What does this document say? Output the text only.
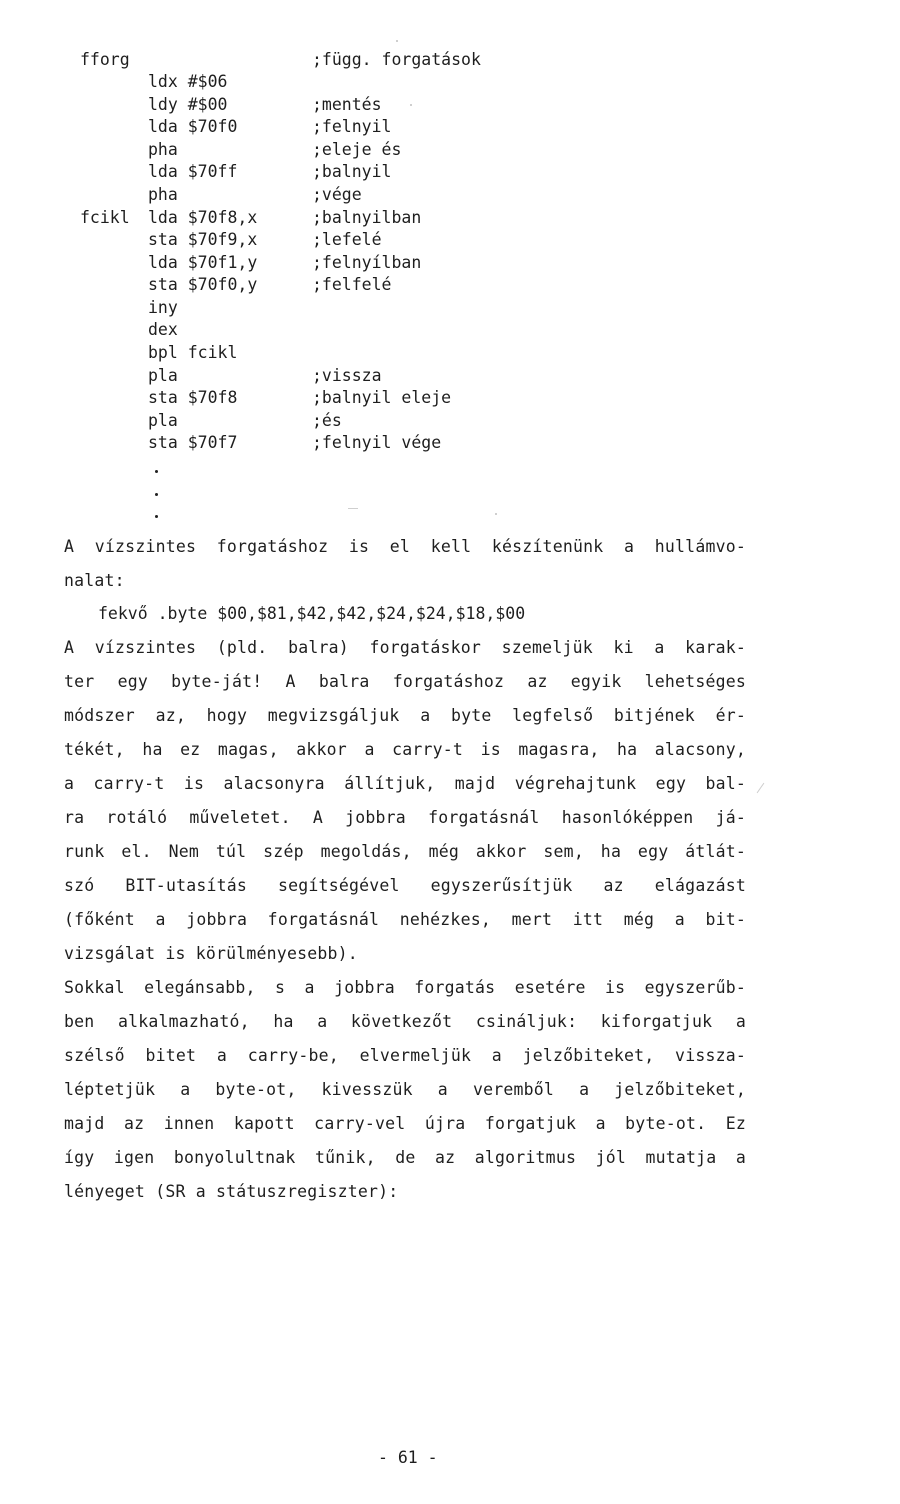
fforg	;függ. forgatások
ldx #$06
ldy #$00	;mentés
lda $70f0	;felnyil
pha	;eleje és
lda $70ff	;balnyil
pha	;vége
fcikl lda $70f8,x	;balnyilban
sta $70f9,x	;lefelé
lda $70f1,y	;felnyílban
sta $70f0,y	;felfelé
iny
dex
bpl fcikl
pla	;vissza
sta $70f8	;balnyil eleje
pla	;és
sta $70f7	;felnyil vége
A vízszintes forgatáshoz is el kell készítenünk a hullámvo-
nalat:
fekvő .byte $00,$81,$42,$42,$24,$24,$18,$00
A vízszintes (pld. balra) forgatáskor szemeljük ki a karak-
ter egy byte-ját! A balra forgatáshoz az egyik lehetséges
módszer az, hogy megvizsgáljuk a byte legfelső bitjének ér-
tékét, ha ez magas, akkor a carry-t is magasra, ha alacsony,
a carry-t is alacsonyra állítjuk, majd végrehajtunk egy bal-
ra rotáló műveletet. A jobbra forgatásnál hasonlóképpen já-
runk el. Nem túl szép megoldás, még akkor sem, ha egy átlát-
szó BIT-utasítás segítségével egyszerűsítjük az elágazást
(főként a jobbra forgatásnál nehézkes, mert itt még a bit-
vizsgálat is körülményesebb).
Sokkal elegánsabb, s a jobbra forgatás esetére is egyszerűb-
ben alkalmazható, ha a következőt csináljuk: kiforgatjuk a
szélső bitet a carry-be, elvermeljük a jelzőbiteket, vissza-
léptetjük a byte-ot, kivesszük a veremből a jelzőbiteket,
majd az innen kapott carry-vel újra forgatjuk a byte-ot. Ez
így igen bonyolultnak tűnik, de az algoritmus jól mutatja a
lényeget (SR a státuszregiszter):
- 61 -
